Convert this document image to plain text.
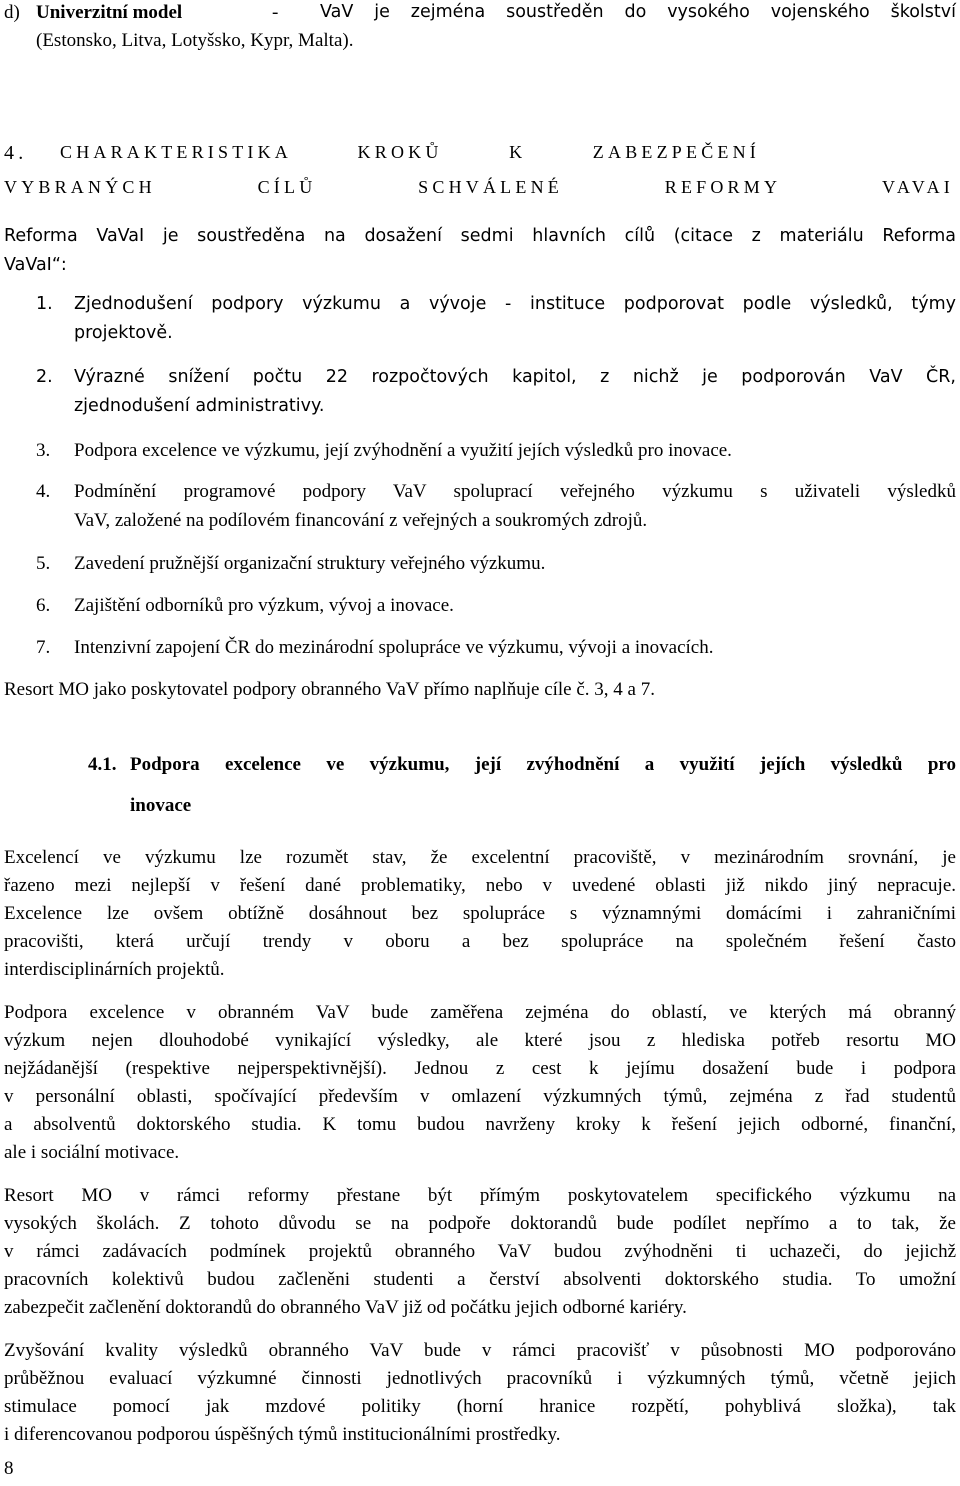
d) Univerzitní model	- VaV je zejména soustředěn do vysokého vojenského školství
(Estonsko, Litva, Lotyšsko, Kypr, Malta).
4. CHARAKTERISTIKA KROKŮ K ZABEZPEČENÍ
VYBRANÝCH CÍLŮ SCHVÁLENÉ REFORMY VAVAI
Reforma VaVaI je soustředěna na dosažení sedmi hlavních cílů (citace z materiálu Reforma
VaVaI“:
1. Zjednodušení podpory výzkumu a vývoje - instituce podporovat podle výsledků, týmy
projektově.
2. Výrazné snížení počtu 22 rozpočtových kapitol, z nichž je podporován VaV ČR,
zjednodušení administrativy.
3. Podpora excelence ve výzkumu, její zvýhodnění a využití jejích výsledků pro inovace.
4. Podmínění programové podpory VaV spoluprací veřejného výzkumu s uživateli výsledků
VaV, založené na podílovém financování z veřejných a soukromých zdrojů.
5. Zavedení pružnější organizační struktury veřejného výzkumu.
6. Zajištění odborníků pro výzkum, vývoj a inovace.
7. Intenzivní zapojení ČR do mezinárodní spolupráce ve výzkumu, vývoji a inovacích.
Resort MO jako poskytovatel podpory obranného VaV přímo naplňuje cíle č. 3, 4 a 7.
4.1. Podpora excelence ve výzkumu, její zvýhodnění a využití jejích výsledků pro
inovace
Excelencí ve výzkumu lze rozumět stav, že excelentní pracoviště, v mezinárodním srovnání, je
řazeno mezi nejlepší v řešení dané problematiky, nebo v uvedené oblasti již nikdo jiný nepracuje.
Excelence lze ovšem obtížně dosáhnout bez spolupráce s významnými domácími i zahraničními
pracovišti, která určují trendy v oboru a bez spolupráce na společném řešení často
interdisciplinárních projektů.
Podpora excelence v obranném VaV bude zaměřena zejména do oblastí, ve kterých má obranný
výzkum nejen dlouhodobé vynikající výsledky, ale které jsou z hlediska potřeb resortu MO
nejžádanější (respektive nejperspektivnější). Jednou z cest k jejímu dosažení bude i podpora
v personální oblasti, spočívající především v omlazení výzkumných týmů, zejména z řad studentů
a absolventů doktorského studia. K tomu budou navrženy kroky k řešení jejich odborné, finanční,
ale i sociální motivace.
Resort MO v rámci reformy přestane být přímým poskytovatelem specifického výzkumu na
vysokých školách. Z tohoto důvodu se na podpoře doktorandů bude podílet nepřímo a to tak, že
v rámci zadávacích podmínek projektů obranného VaV budou zvýhodněni ti uchazeči, do jejichž
pracovních kolektivů budou začleněni studenti a čerství absolventi doktorského studia. To umožní
zabezpečit začlenění doktorandů do obranného VaV již od počátku jejich odborné kariéry.
Zvyšování kvality výsledků obranného VaV bude v rámci pracovišť v působnosti MO podporováno
průběžnou evaluací výzkumné činnosti jednotlivých pracovníků i výzkumných týmů, včetně jejich
stimulace pomocí jak mzdové politiky (horní hranice rozpětí, pohyblivá složka), tak
i diferencovanou podporou úspěšných týmů institucionálními prostředky.
8
